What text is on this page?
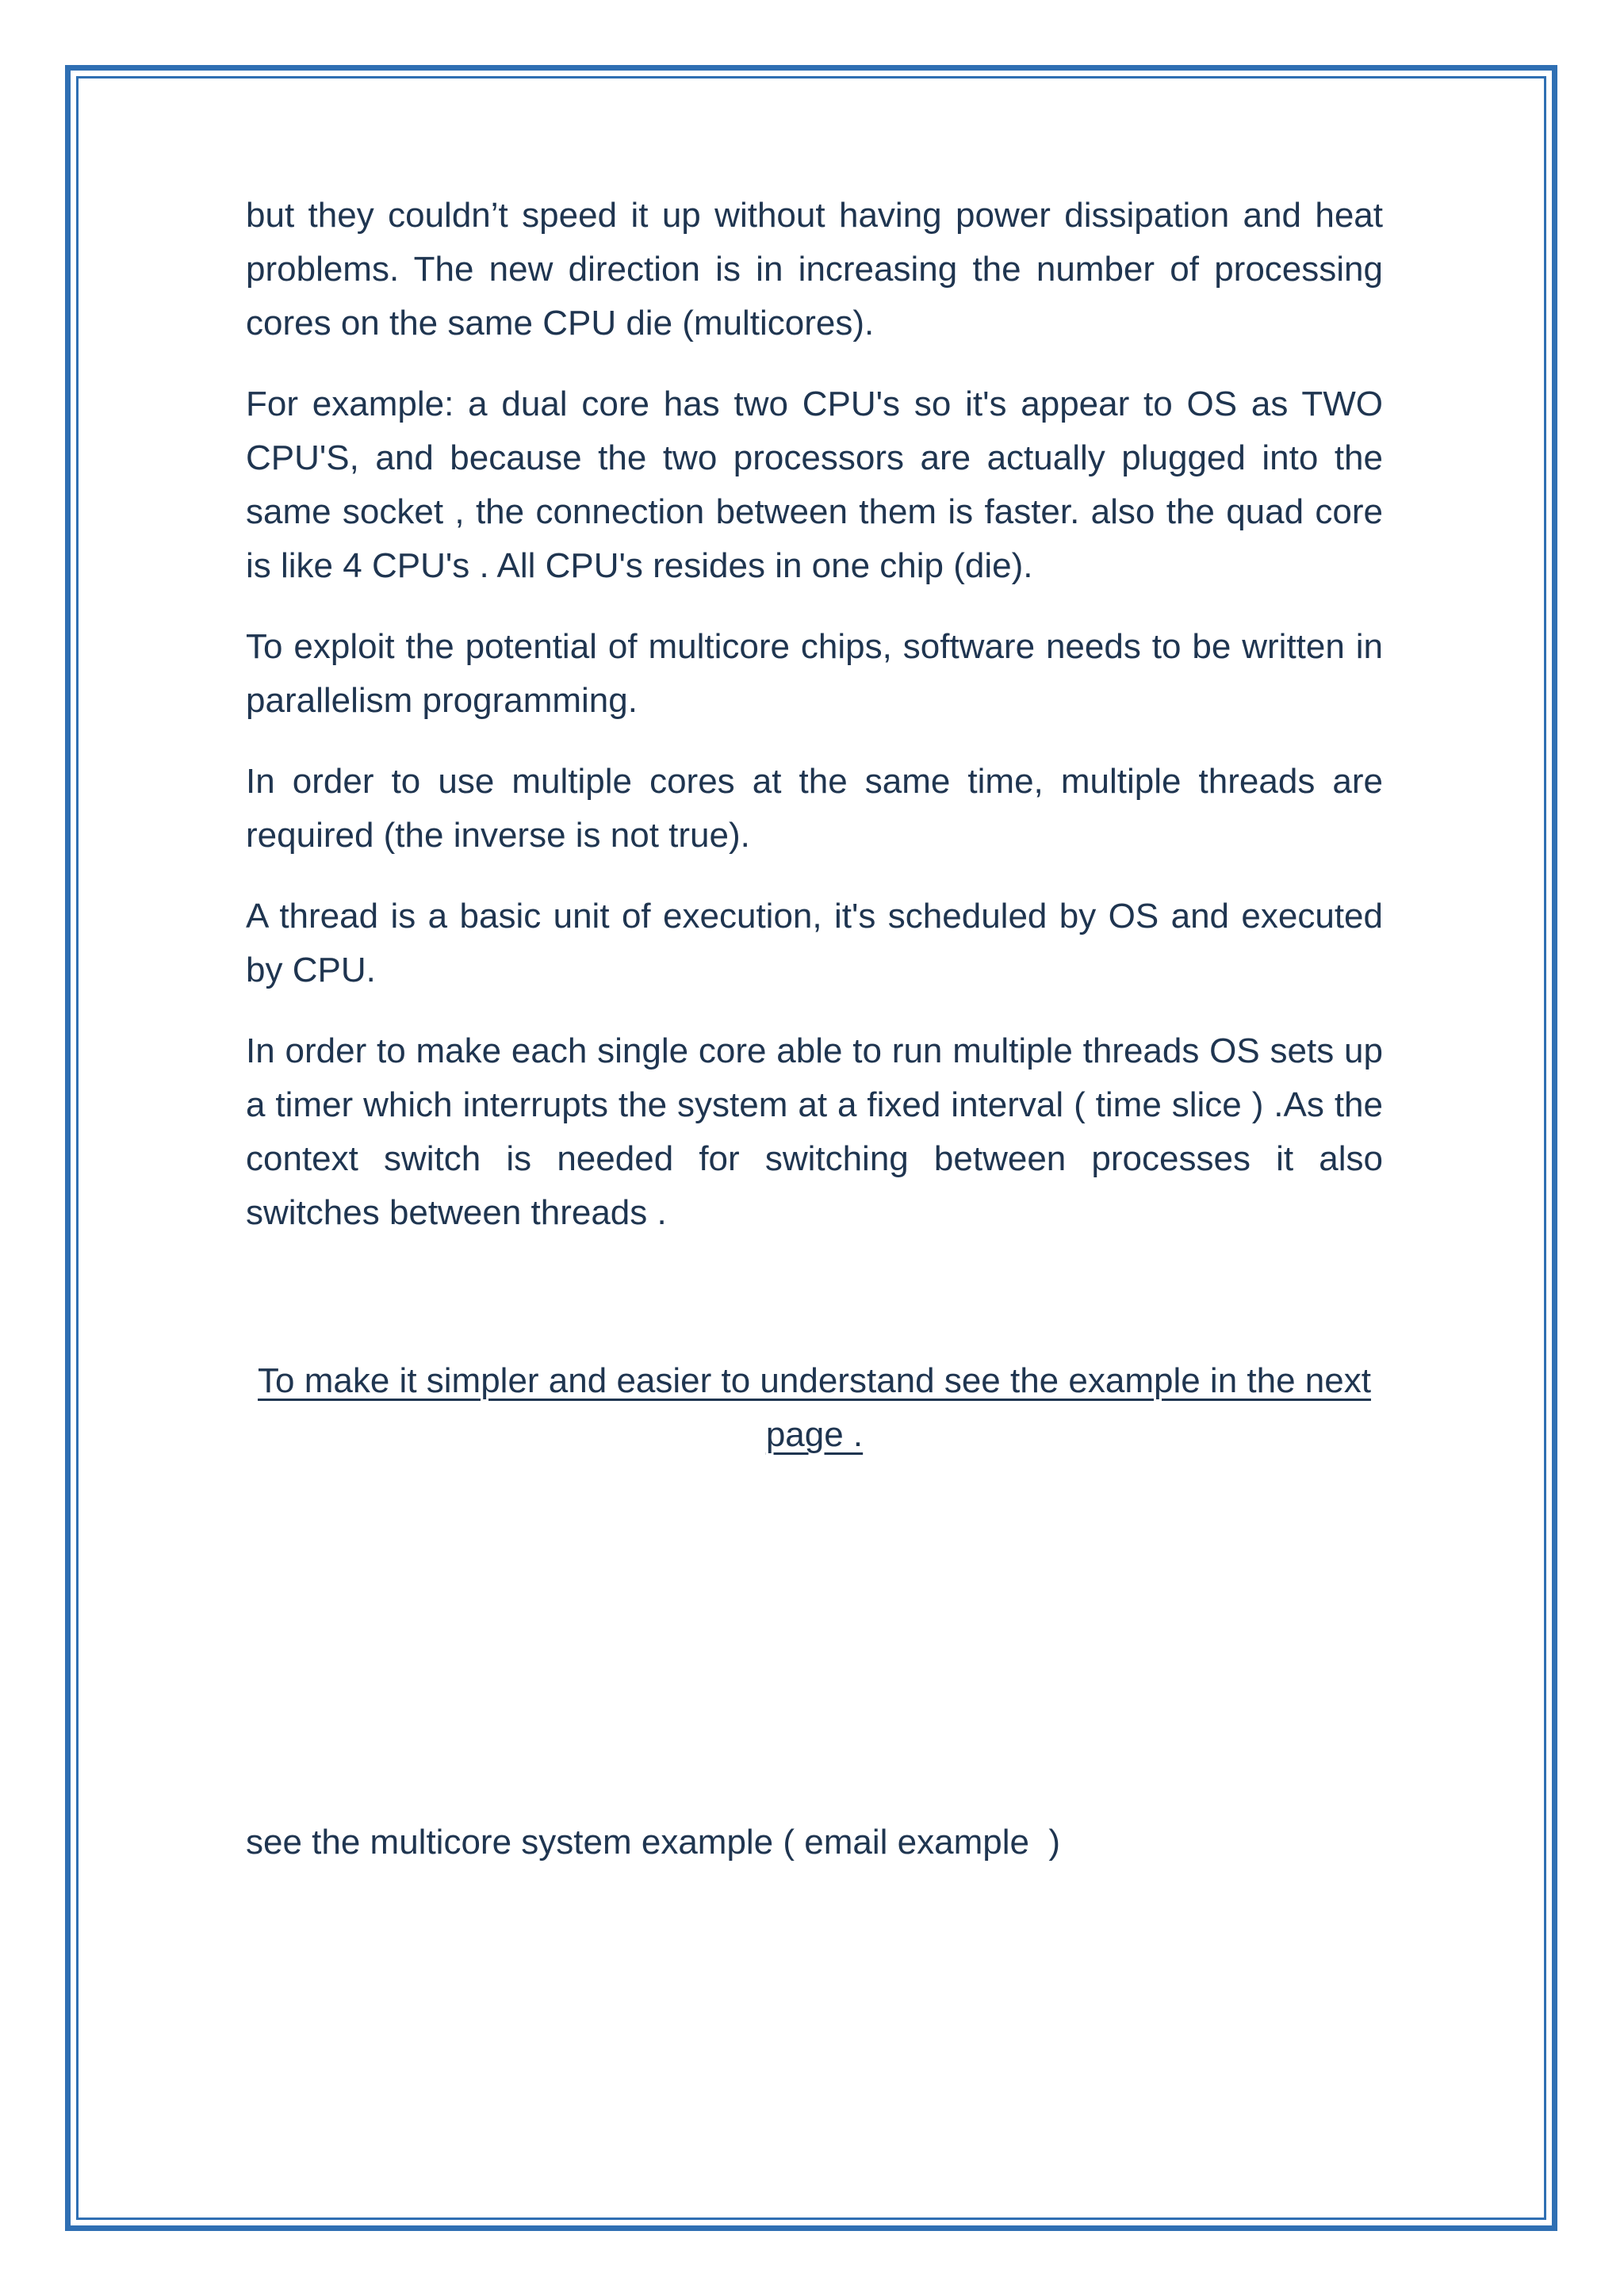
but they couldn’t speed it up without having power dissipation and heat problems. The new direction is in increasing the number of processing cores on the same CPU die (multicores).

For example: a dual core has two CPU's so it's appear to OS as TWO CPU'S, and because the two processors are actually plugged into the same socket , the connection between them is faster. also the quad core is like 4 CPU's . All CPU's resides in one chip (die).

To exploit the potential of multicore chips, software needs to be written in parallelism programming.

In order to use multiple cores at the same time, multiple threads are required (the inverse is not true).

A thread is a basic unit of execution, it's scheduled by OS and executed by CPU.

In order to make each single core able to run multiple threads OS sets up a timer which interrupts the system at a fixed interval ( time slice ) .As the context switch is needed for switching between processes it also switches between threads .

To make it simpler and easier to understand see the example in the next page .
see the multicore system example ( email example  )
